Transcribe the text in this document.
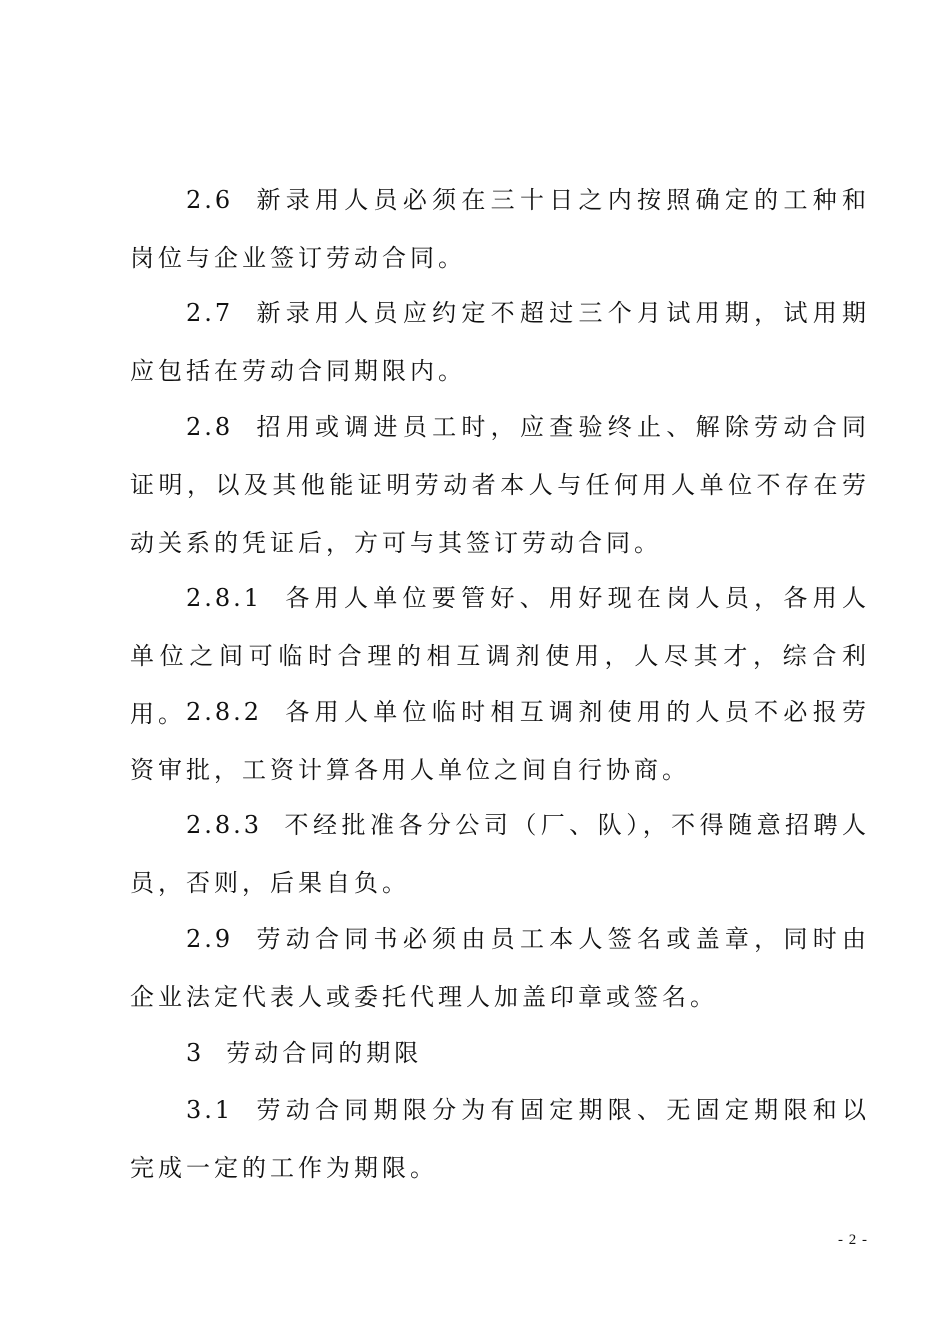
2.6 新录用人员必须在三十日之内按照确定的工种和岗位与企业签订劳动合同。

2.7 新录用人员应约定不超过三个月试用期，试用期应包括在劳动合同期限内。

2.8 招用或调进员工时，应查验终止、解除劳动合同证明，以及其他能证明劳动者本人与任何用人单位不存在劳动关系的凭证后，方可与其签订劳动合同。

2.8.1 各用人单位要管好、用好现在岗人员，各用人单位之间可临时合理的相互调剂使用，人尽其才，综合利用。 2.8.2 各用人单位临时相互调剂使用的人员不必报劳资审批，工资计算各用人单位之间自行协商。

2.8.3 不经批准各分公司（厂、队），不得随意招聘人员，否则，后果自负。

2.9 劳动合同书必须由员工本人签名或盖章，同时由企业法定代表人或委托代理人加盖印章或签名。

3 劳动合同的期限

3.1 劳动合同期限分为有固定期限、无固定期限和以完成一定的工作为期限。

- 2 -
